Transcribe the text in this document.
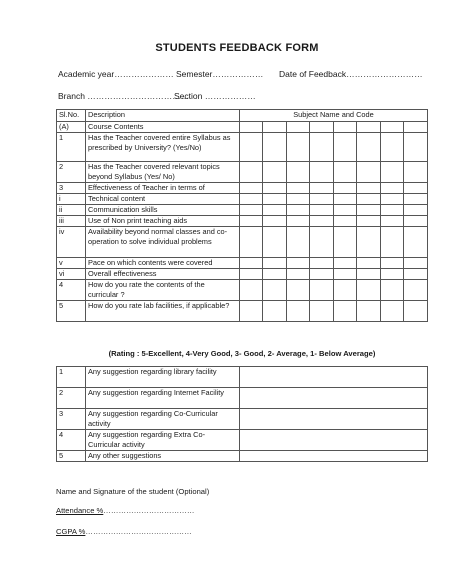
STUDENTS FEEDBACK FORM
Academic year………………… Semester……………… Date of Feedback………………………
Branch ………………………………
Section ………………
Sl.No.	Description	Subject Name and Code							
(A)	Course Contents								
1	Has the Teacher covered entire Syllabus as prescribed by University? (Yes/No)								
2	Has the Teacher covered relevant topics beyond Syllabus (Yes/ No)								
3	Effectiveness of Teacher in terms of								
i	Technical content								
ii	Communication skills								
iii	Use of Non print teaching aids								
iv	Availability beyond normal classes and co-operation to solve individual problems								
v	Pace on which contents were covered								
vi	Overall effectiveness								
4	How do you rate the contents of the curricular ?								
5	How do you rate lab facilities, if applicable?								
(Rating : 5-Excellent, 4-Very Good, 3- Good, 2- Average, 1- Below Average)
1	Any suggestion regarding library facility	
2	Any suggestion regarding Internet Facility	
3	Any suggestion regarding Co-Curricular activity	
4	Any suggestion regarding Extra Co-Curricular activity	
5	Any other suggestions	
Name and Signature of the student (Optional)
Attendance %………………………………
CGPA %……………………………………
